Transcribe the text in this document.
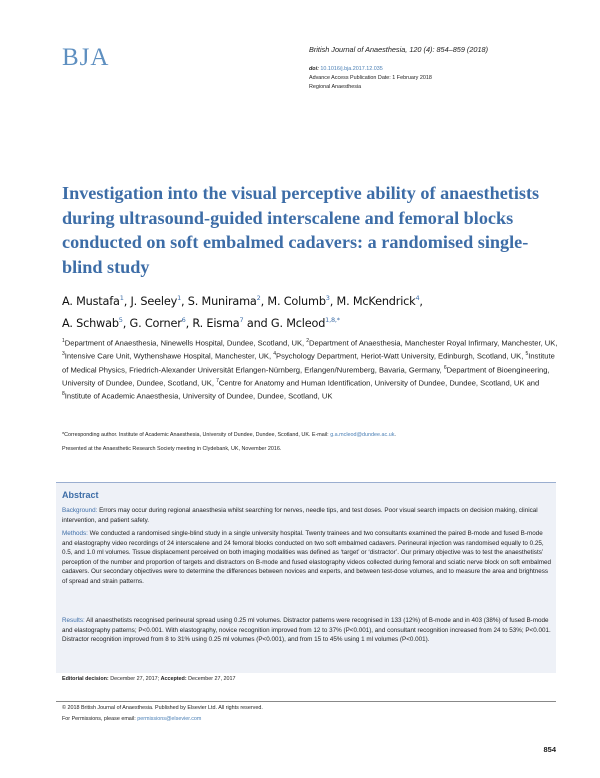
BJA	British Journal of Anaesthesia, 120 (4): 854–859 (2018)
doi: 10.1016/j.bja.2017.12.035
Advance Access Publication Date: 1 February 2018
Regional Anaesthesia
Investigation into the visual perceptive ability of anaesthetists during ultrasound-guided interscalene and femoral blocks conducted on soft embalmed cadavers: a randomised single-blind study
A. Mustafa$^1$, J. Seeley$^1$, S. Munirama$^2$, M. Columb$^3$, M. McKendrick$^4$,
A. Schwab$^5$, G. Corner$^6$, R. Eisma$^7$ and G. Mcleod$^{1,8,*}$
$^1$Department of Anaesthesia, Ninewells Hospital, Dundee, Scotland, UK, $^2$Department of Anaesthesia, Manchester Royal Infirmary, Manchester, UK, $^3$Intensive Care Unit, Wythenshawe Hospital, Manchester, UK, $^4$Psychology Department, Heriot-Watt University, Edinburgh, Scotland, UK, $^5$Institute of Medical Physics, Friedrich-Alexander Universität Erlangen-Nürnberg, Erlangen/Nuremberg, Bavaria, Germany, $^6$Department of Bioengineering, University of Dundee, Dundee, Scotland, UK, $^7$Centre for Anatomy and Human Identification, University of Dundee, Dundee, Scotland, UK and $^8$Institute of Academic Anaesthesia, University of Dundee, Dundee, Scotland, UK
*Corresponding author. Institute of Academic Anaesthesia, University of Dundee, Dundee, Scotland, UK. E-mail: g.a.mcleod@dundee.ac.uk.
Presented at the Anaesthetic Research Society meeting in Clydebank, UK, November 2016.
Abstract
Background: Errors may occur during regional anaesthesia whilst searching for nerves, needle tips, and test doses. Poor visual search impacts on decision making, clinical intervention, and patient safety.
Methods: We conducted a randomised single-blind study in a single university hospital. Twenty trainees and two consultants examined the paired B-mode and fused B-mode and elastography video recordings of 24 interscalene and 24 femoral blocks conducted on two soft embalmed cadavers. Perineural injection was randomised equally to 0.25, 0.5, and 1.0 ml volumes. Tissue displacement perceived on both imaging modalities was defined as ‘target’ or ‘distractor’. Our primary objective was to test the anaesthetists’ perception of the number and proportion of targets and distractors on B-mode and fused elastography videos collected during femoral and sciatic nerve block on soft embalmed cadavers. Our secondary objectives were to determine the differences between novices and experts, and between test-dose volumes, and to measure the area and brightness of spread and strain patterns.
Results: All anaesthetists recognised perineural spread using 0.25 ml volumes. Distractor patterns were recognised in 133 (12%) of B-mode and in 403 (38%) of fused B-mode and elastography patterns; P<0.001. With elastography, novice recognition improved from 12 to 37% (P<0.001), and consultant recognition increased from 24 to 53%; P<0.001. Distractor recognition improved from 8 to 31% using 0.25 ml volumes (P<0.001), and from 15 to 45% using 1 ml volumes (P<0.001).
Editorial decision: December 27, 2017; Accepted: December 27, 2017
© 2018 British Journal of Anaesthesia. Published by Elsevier Ltd. All rights reserved.
For Permissions, please email: permissions@elsevier.com
854
